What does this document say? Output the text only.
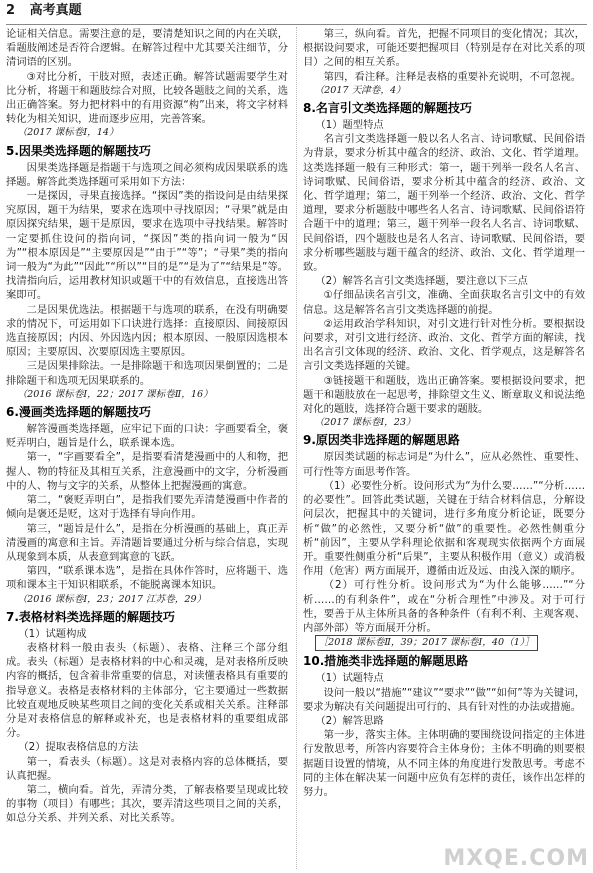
2 高考真题

论证相关信息。需要注意的是，要清楚知识之间的内在关联，看题肢阐述是否符合逻辑。在解答过程中尤其要关注细节，分清词语的区别。

③对比分析，干肢对照，表述正确。解答试题需要学生对比分析，将题干和题肢综合对照，比较各题肢之间的关系，选出正确答案。努力把材料中的有用资源“构”出来，将文字材料转化为相关知识，进而逐步应用，完善答案。

（2017 课标卷Ⅰ，14）

5.因果类选择题的解题技巧

因果类选择题是指题干与选项之间必须构成因果联系的选择题。解答此类选择题可采用如下方法：

一是探因，寻果直接选择。“探因”类的指设问是由结果探究原因，题干为结果，要求在选项中寻找原因；“寻果”就是由原因探究结果，题干是原因，要求在选项中寻找结果。解答时一定要抓住设问的指向词，“探因”类的指向词一般为“因为”“根本原因是”“主要原因是”“由于”“等”；“寻果”类的指向词一般为“为此”“因此”“所以”“目的是”“是为了”“结果是”等。找清指向后，运用教材知识或题干中的有效信息，直接选出答案即可。

二是因果优选法。根据题干与选项的联系，在没有明确要求的情况下，可运用如下口诀进行选择：直接原因、间接原因选直接原因；内因、外因选内因；根本原因、一般原因选根本原因；主要原因、次要原因选主要原因。

三是因果排除法。一是排除题干和选项因果倒置的；二是排除题干和选项无因果联系的。

（2016 课标卷Ⅰ，22；2017 课标卷Ⅱ，16）

6.漫画类选择题的解题技巧

解答漫画类选择题，应牢记下面的口诀：字画要看全，褒贬弄明白，题旨是什么，联系课本选。

第一，“字画要看全”，是指要看清楚漫画中的人和物，把握人、物的特征及其相互关系，注意漫画中的文字，分析漫画中的人、物与文字的关系，从整体上把握漫画的寓意。

第二，“褒贬弄明白”，是指我们要先弄清楚漫画中作者的倾向是褒还是贬，这对于选择有导向作用。

第三，“题旨是什么”，是指在分析漫画的基础上，真正弄清漫画的寓意和主旨。弄清题旨要通过分析与综合信息，实现从现象到本质，从表意到寓意的飞跃。

第四，“联系课本选”，是指在具体作答时，应将题干、选项和课本主干知识相联系，不能脱离课本知识。

（2016 课标卷Ⅰ，23；2017 江苏卷，29）

7.表格材料类选择题的解题技巧

（1）试题构成

表格材料一般由表头（标题）、表格、注释三个部分组成。表头（标题）是表格材料的中心和灵魂，是对表格所反映内容的概括，包含着非常重要的信息，对读懂表格具有重要的指导意义。表格是表格材料的主体部分，它主要通过一些数据比较直观地反映某些项目之间的变化关系或相关关系。注释部分是对表格信息的解释或补充，也是表格材料的重要组成部分。

（2）提取表格信息的方法

第一，看表头（标题）。这是对表格内容的总体概括，要认真把握。

第二，横向看。首先，弄清分类，了解表格要呈现或比较的事物（项目）有哪些；其次，要弄清这些项目之间的关系，如总分关系、并列关系、对比关系等。

第三，纵向看。首先，把握不同项目的变化情况；其次，根据设问要求，可能还要把握项目（特别是存在对比关系的项目）之间的相互关系。

第四，看注释。注释是表格的重要补充说明，不可忽视。

（2017 天津卷，4）

8.名言引文类选择题的解题技巧

（1）题型特点

名言引文类选择题一般以名人名言、诗词歌赋、民间俗语为背景，要求分析其中蕴含的经济、政治、文化、哲学道理。这类选择题一般有三种形式：第一，题干列举一段名人名言、诗词歌赋、民间俗语，要求分析其中蕴含的经济、政治、文化、哲学道理；第二，题干列举一个经济、政治、文化、哲学道理，要求分析题肢中哪些名人名言、诗词歌赋、民间俗语符合题干中的道理；第三，题干列举一段名人名言、诗词歌赋、民间俗语，四个题肢也是名人名言、诗词歌赋、民间俗语，要求分析哪些题肢与题干蕴含的经济、政治、文化、哲学道理一致。

（2）解答名言引文类选择题，要注意以下三点

①仔细品读名言引文，准确、全面获取名言引文中的有效信息。这是解答名言引文类选择题的前提。

②运用政治学科知识，对引文进行针对性分析。要根据设问要求，对引文进行经济、政治、文化、哲学方面的解读，找出名言引文体现的经济、政治、文化、哲学观点，这是解答名言引文类选择题的关键。

③链接题干和题肢，选出正确答案。要根据设问要求，把题干和题肢放在一起思考，排除望文生义、断章取义和说法绝对化的题肢，选择符合题干要求的题肢。

（2017 课标卷Ⅰ，23）

9.原因类非选择题的解题思路

原因类试题的标志词是“为什么”，应从必然性、重要性、可行性等方面思考作答。

（1）必要性分析。设问形式为“为什么要……”“分析……的必要性”。回答此类试题，关键在于结合材料信息，分解设问层次，把握其中的关键词，进行多角度分析论证，既要分析“做”的必然性，又要分析“做”的重要性。必然性侧重分析“前因”，主要从学科理论依据和客观现实依据两个方面展开。重要性侧重分析“后果”，主要从积极作用（意义）或消极作用（危害）两方面展开，遵循由近及远、由浅入深的顺序。

（2）可行性分析。设问形式为“为什么能够……”“分析……的有利条件”，或在“分析合理性”中涉及。对于可行性，要善于从主体所具备的各种条件（有利不利、主观客观、内部外部）等方面展开分析。

［2018 课标卷Ⅱ，39；2017 课标卷Ⅰ，40（1）］
10.措施类非选择题的解题思路

（1）试题特点

设问一般以“措施”“建议”“要求”“做”“如何”等为关键词，要求为解决有关问题提出可行的、具有针对性的办法或措施。

（2）解答思路

第一步，落实主体。主体明确的要围绕设问指定的主体进行发散思考，所答内容要符合主体身份；主体不明确的则要根据题目设置的情境，从不同主体的角度进行发散思考。考虑不同的主体在解决某一问题中应负有怎样的责任，该作出怎样的努力。

MXQE.COM
